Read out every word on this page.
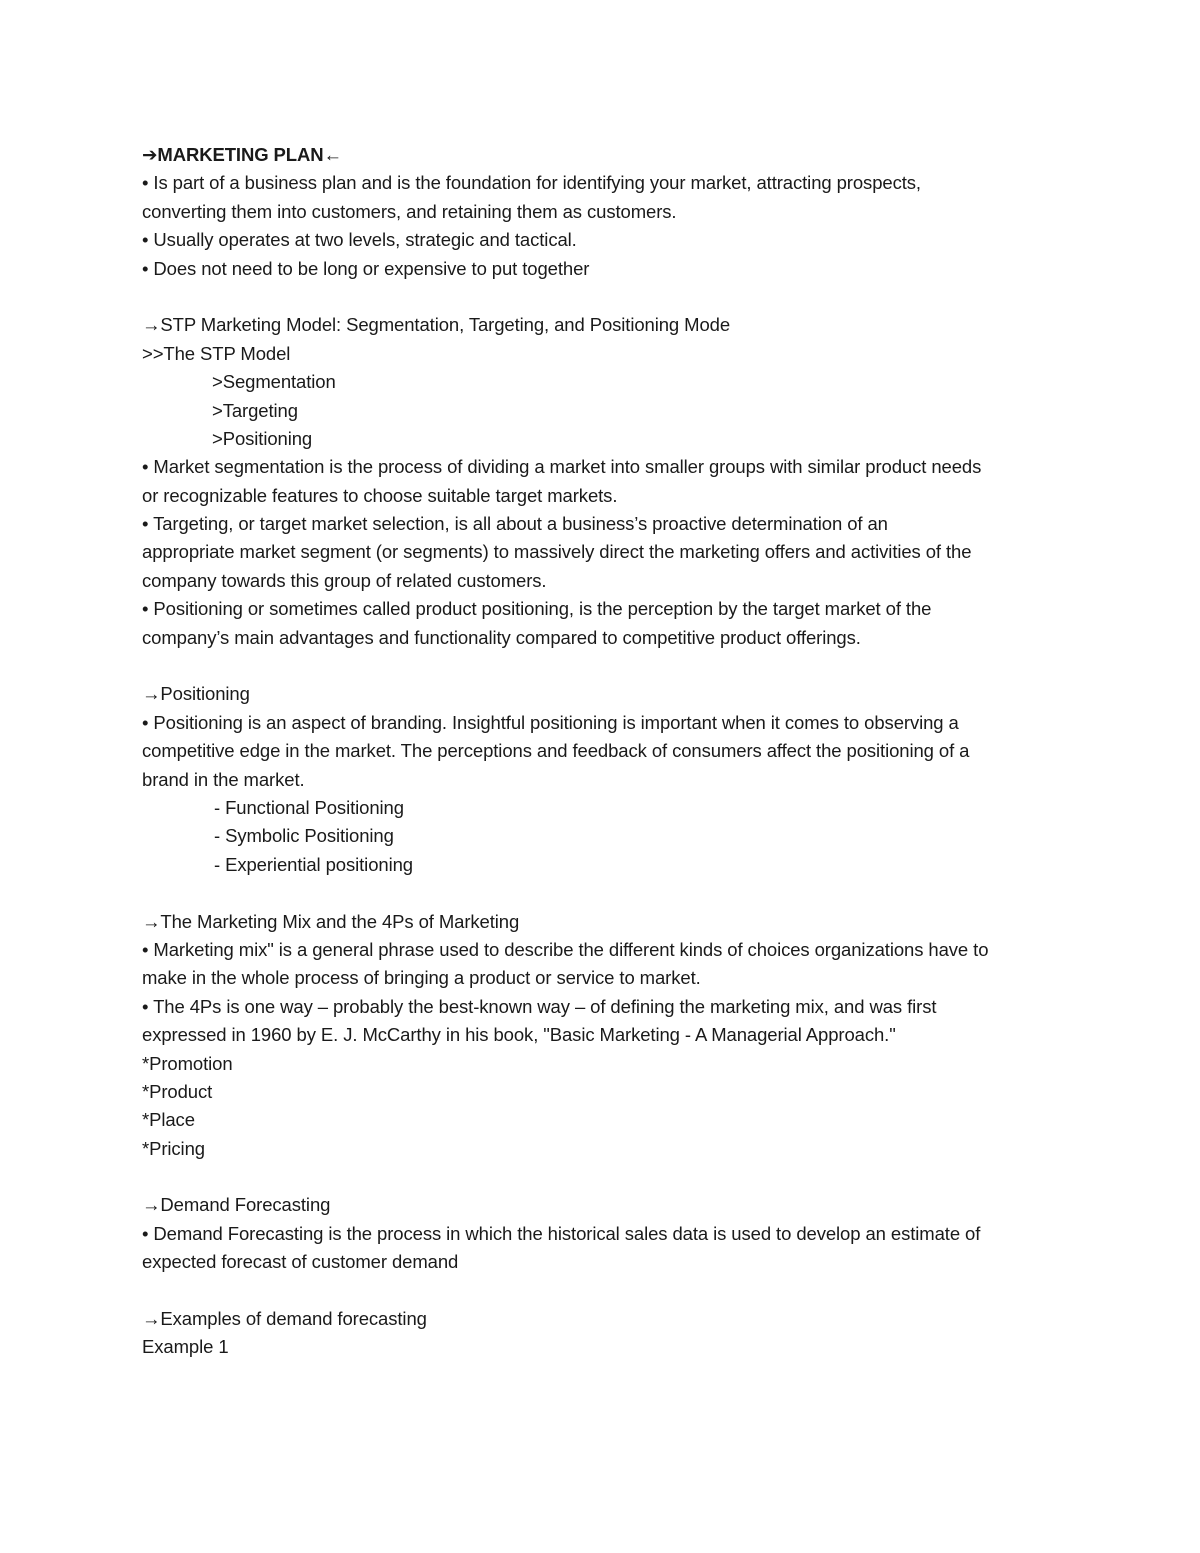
➔MARKETING PLAN←
• Is part of a business plan and is the foundation for identifying your market, attracting prospects,
converting them into customers, and retaining them as customers.
• Usually operates at two levels, strategic and tactical.
• Does not need to be long or expensive to put together
→STP Marketing Model: Segmentation, Targeting, and Positioning Mode
>>The STP Model
>Segmentation
>Targeting
>Positioning
• Market segmentation is the process of dividing a market into smaller groups with similar product needs
or recognizable features to choose suitable target markets.
• Targeting, or target market selection, is all about a business’s proactive determination of an
appropriate market segment (or segments) to massively direct the marketing offers and activities of the
company towards this group of related customers.
• Positioning or sometimes called product positioning, is the perception by the target market of the
company’s main advantages and functionality compared to competitive product offerings.
→Positioning
• Positioning is an aspect of branding. Insightful positioning is important when it comes to observing a
competitive edge in the market. The perceptions and feedback of consumers affect the positioning of a
brand in the market.
- Functional Positioning
- Symbolic Positioning
- Experiential positioning
→The Marketing Mix and the 4Ps of Marketing
• Marketing mix" is a general phrase used to describe the different kinds of choices organizations have to
make in the whole process of bringing a product or service to market.
• The 4Ps is one way – probably the best-known way – of defining the marketing mix, and was first
expressed in 1960 by E. J. McCarthy in his book, "Basic Marketing - A Managerial Approach."
*Promotion
*Product
*Place
*Pricing
→Demand Forecasting
• Demand Forecasting is the process in which the historical sales data is used to develop an estimate of
expected forecast of customer demand
→Examples of demand forecasting
Example 1
